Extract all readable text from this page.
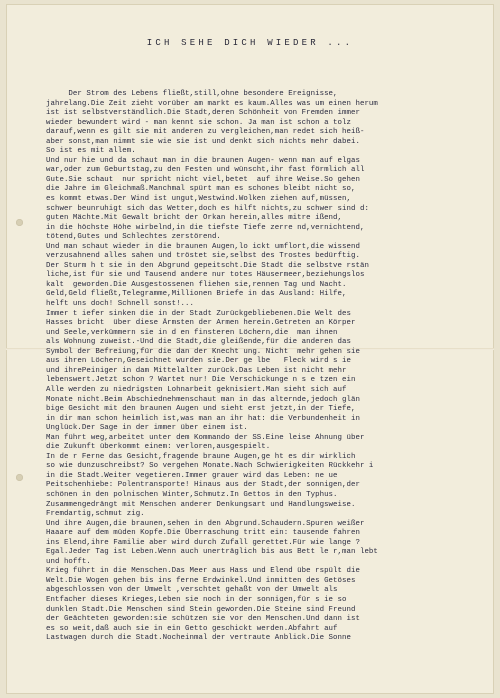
ICH SEHE DICH WIEDER ...
Der Strom des Lebens fließt,still,ohne besondere Ereignisse,
jahrelang.Die Zeit zieht vorüber am markt es kaum.Alles was um einen herum
ist ist selbstverständlich.Die Stadt,deren Schönheit von Fremden immer
wieder bewundert wird - man kennt sie schon. Ja man ist schon a tolz
darauf,wenn es gilt sie mit anderen zu vergleichen,man redet sich heiß-
aber sonst,man nimmt sie wie sie ist und denkt sich nichts mehr dabei.
So ist es mit allem.
Und nur hie und da schaut man in die braunen Augen- wenn man auf elgas
war,oder zum Geburtstag,zu den Festen und wünscht,ihr fast förmlich all
Gute.Sie schaut  nur spricht nicht viel,betet  auf ihre Weise.So gehen
die Jahre im Gleichmaß.Manchmal spürt man es schones bleibt nicht so,
es kommt etwas.Der Wind ist ungut,Westwind.Wolken ziehen auf,müssen,
schwer beunruhigt sich das Wetter,doch es hilft nichts,zu schwer sind d:
guten Mächte.Mit Gewalt bricht der Orkan herein,alles mitre ißend,
in die höchste Höhe wirbelnd,in die tiefste Tiefe zerre nd,vernichtend,
tötend,Gutes und Schlechtes zerstörend.
Und man schaut wieder in die braunen Augen,lo ickt umflort,die wissend
verzusahnend alles sahen und tröstet sie,selbst des Trostes bedürftig.
Der Sturm h t sie in den Abgrund gepeitscht.Die Stadt die selbstve rstän
liche,ist für sie und Tausend andere nur totes Häusermeer,beziehungslos
kalt  geworden.Die Ausgestossenen fliehen sie,rennen Tag und Nacht.
Geld,Geld fließt,Telegramme,Millionen Briefe in das Ausland: Hilfe,
helft uns doch! Schnell sonst!...
Immer t iefer sinken die in der Stadt Zurückgebliebenen.Die Welt des
Hasses bricht  über diese Ärmsten der Armen herein.Getreten an Körper
und Seele,verkümmern sie in d en finsteren Löchern,die  man ihnen
als Wohnung zuweist.-Und die Stadt,die gleißende,für die anderen das
Symbol der Befreiung,für die dan der Knecht ung. Nicht  mehr gehen sie
aus ihren Löchern,Geseichnet wurden sie.Der ge lbe   Fleck wird s ie
und ihrePeiniger in dam Mittelalter zurück.Das Leben ist nicht mehr
lebenswert.Jetzt schon ? Wartet nur! Die Verschickunge n s e tzen ein
Alle werden zu niedrigsten Lohnarbeit geknisiert.Man sieht sich auf
Monate nicht.Beim Abschiednehmenschaut man in das alternde,jedoch glän
bige Gesicht mit den braunen Augen und sieht erst jetzt,in der Tiefe,
in dir man schon heimlich ist,was man an ihr hat: die Verbundenheit in
Unglück.Der Sage in der immer über einem ist.
Man führt weg,arbeitet unter dem Kommando der SS.Eine leise Ahnung über
die Zukunft überkommt einem: verloren,ausgespielt.
In de r Ferne das Gesicht,fragende braune Augen,ge ht es dir wirklich
so wie dunzuschreibst? So vergehen Monate.Nach Schwierigkeiten Rückkehr i
in die Stadt.Weiter vegetieren.Immer grauer wird das Leben: ne ue
Peitschenhiebe: Polentransporte! Hinaus aus der Stadt,der sonnigen,der
schönen in den polnischen Winter,Schmutz.In Gettos in den Typhus.
Zusammengedrängt mit Menschen anderer Denkungsart und Handlungsweise.
Fremdartig,schmut zig.
Und ihre Augen,die braunen,sehen in den Abgrund.Schaudern.Spuren weißer
Haaare auf dem müden Kopfe.Die Überraschung tritt ein: tausende fahren
ins Elend,ihre Familie aber wird durch Zufall gerettet.Für wie lange ?
Egal.Jeder Tag ist Leben.Wenn auch unerträglich bis aus Bett le r,man lebt
und hofft.
Krieg führt in die Menschen.Das Meer aus Hass und Elend übe rspült die
Welt.Die Wogen gehen bis ins ferne Erdwinkel.Und inmitten des Getöses
abgeschlossen von der Umwelt ,verschtet gehaßt von der Umwelt als
Entfacher dieses Krieges,Leben sie noch in der sonnigen,für s ie so
dunklen Stadt.Die Menschen sind Stein geworden.Die Steine sind Freund
der Geächteten geworden:sie schützen sie vor den Menschen.Und dann ist
es so weit,daß auch sie in ein Getto geschickt werden.Abfahrt auf
Lastwagen durch die Stadt.Nocheinmal der vertraute Anblick.Die Sonne
